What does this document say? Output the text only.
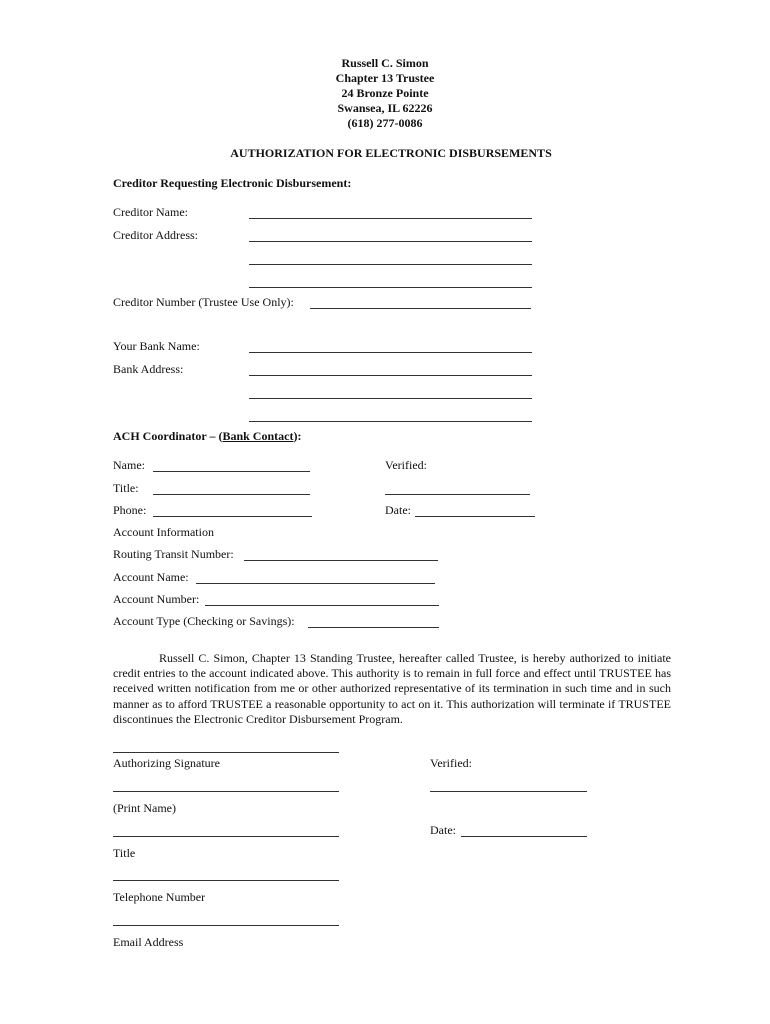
Russell C. Simon
Chapter 13 Trustee
24 Bronze Pointe
Swansea, IL 62226
(618) 277-0086
AUTHORIZATION FOR ELECTRONIC DISBURSEMENTS
Creditor Requesting Electronic Disbursement:
Creditor Name:
Creditor Address:
Creditor Number (Trustee Use Only):
Your Bank Name:
Bank Address:
ACH Coordinator – (Bank Contact):
Name:	Verified:
Title:
Phone:	Date:
Account Information
Routing Transit Number:
Account Name:
Account Number:
Account Type (Checking or Savings):
Russell C. Simon, Chapter 13 Standing Trustee, hereafter called Trustee, is hereby authorized to initiate credit entries to the account indicated above. This authority is to remain in full force and effect until TRUSTEE has received written notification from me or other authorized representative of its termination in such time and in such manner as to afford TRUSTEE a reasonable opportunity to act on it. This authorization will terminate if TRUSTEE discontinues the Electronic Creditor Disbursement Program.
Authorizing Signature	Verified:
(Print Name)
Date:
Title
Telephone Number
Email Address
